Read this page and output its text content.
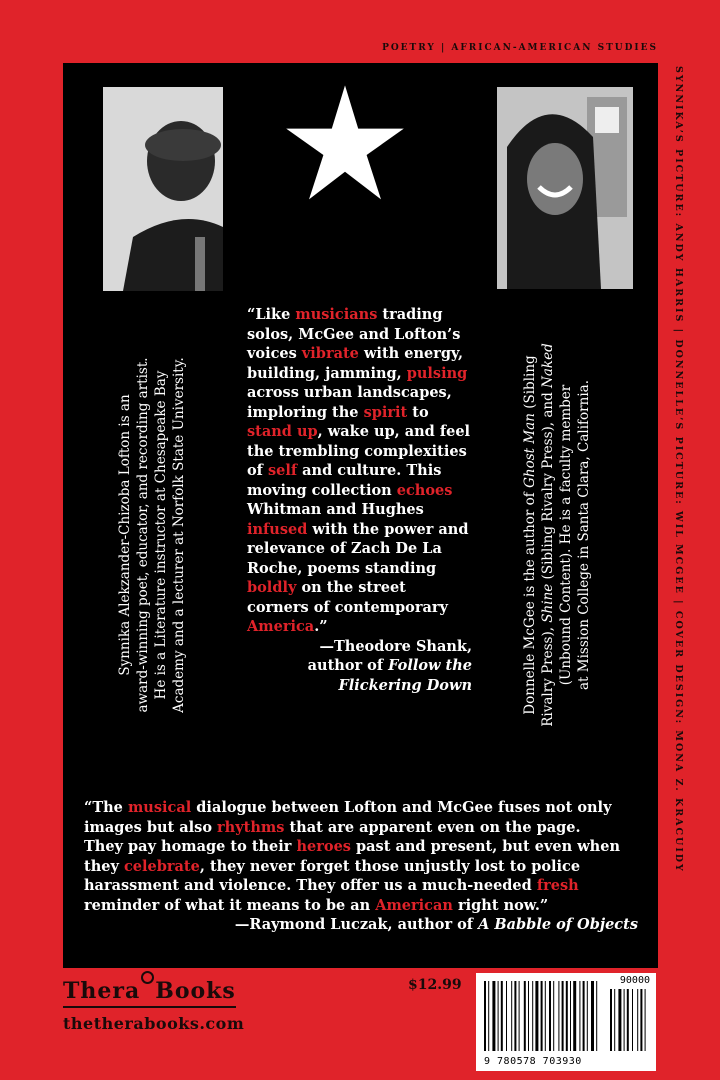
POETRY | AFRICAN-AMERICAN STUDIES
SYNNIKA’S PICTURE: ANDY HARRIS | DONNELLE’S PICTURE: WIL MCGEE | COVER DESIGN: MONA Z. KRACUIDY
Synnika Alekzander-Chizoba Lofton is an award-winning poet, educator, and recording artist. He is a Literature instructor at Chesapeake Bay Academy and a lecturer at Norfolk State University.	Donnelle McGee is the author of Ghost Man (Sibling
Rivalry Press), Shine (Sibling Rivalry Press), and Naked
(Unbound Content). He is a faculty member at Mission College in Santa Clara, California.
“Like musicians trading
solos, McGee and Lofton’s
voices vibrate with energy,
building, jamming, pulsing
across urban landscapes,
imploring the spirit to
stand up, wake up, and feel
the trembling complexities
of self and culture. This
moving collection echoes
Whitman and Hughes
infused with the power and
relevance of Zach De La
Roche, poems standing
boldly on the street
corners of contemporary
America.”
—Theodore Shank,
author of Follow the
Flickering Down
“The musical dialogue between Lofton and McGee fuses not only
images but also rhythms that are apparent even on the page.
They pay homage to their heroes past and present, but even when
they celebrate, they never forget those unjustly lost to police
harassment and violence. They offer us a much-needed fresh
reminder of what it means to be an American right now.”
—Raymond Luczak, author of A Babble of Objects
Thera Books
thetherabooks.com
$12.99
9 780578 703930
90000
